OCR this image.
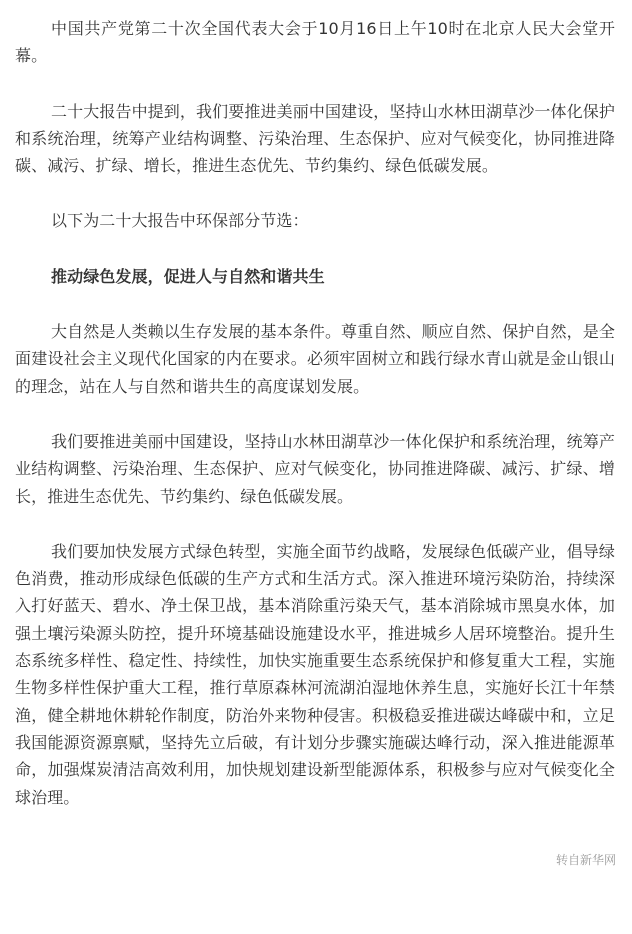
中国共产党第二十次全国代表大会于10月16日上午10时在北京人民大会堂开幕。

二十大报告中提到，我们要推进美丽中国建设，坚持山水林田湖草沙一体化保护和系统治理，统筹产业结构调整、污染治理、生态保护、应对气候变化，协同推进降碳、减污、扩绿、增长，推进生态优先、节约集约、绿色低碳发展。

以下为二十大报告中环保部分节选：

推动绿色发展，促进人与自然和谐共生

大自然是人类赖以生存发展的基本条件。尊重自然、顺应自然、保护自然，是全面建设社会主义现代化国家的内在要求。必须牢固树立和践行绿水青山就是金山银山的理念，站在人与自然和谐共生的高度谋划发展。

我们要推进美丽中国建设，坚持山水林田湖草沙一体化保护和系统治理，统筹产业结构调整、污染治理、生态保护、应对气候变化，协同推进降碳、减污、扩绿、增长，推进生态优先、节约集约、绿色低碳发展。

我们要加快发展方式绿色转型，实施全面节约战略，发展绿色低碳产业，倡导绿色消费，推动形成绿色低碳的生产方式和生活方式。深入推进环境污染防治，持续深入打好蓝天、碧水、净土保卫战，基本消除重污染天气，基本消除城市黑臭水体，加强土壤污染源头防控，提升环境基础设施建设水平，推进城乡人居环境整治。提升生态系统多样性、稳定性、持续性，加快实施重要生态系统保护和修复重大工程，实施生物多样性保护重大工程，推行草原森林河流湖泊湿地休养生息，实施好长江十年禁渔，健全耕地休耕轮作制度，防治外来物种侵害。积极稳妥推进碳达峰碳中和，立足我国能源资源禀赋，坚持先立后破，有计划分步骤实施碳达峰行动，深入推进能源革命，加强煤炭清洁高效利用，加快规划建设新型能源体系，积极参与应对气候变化全球治理。

转自新华网
